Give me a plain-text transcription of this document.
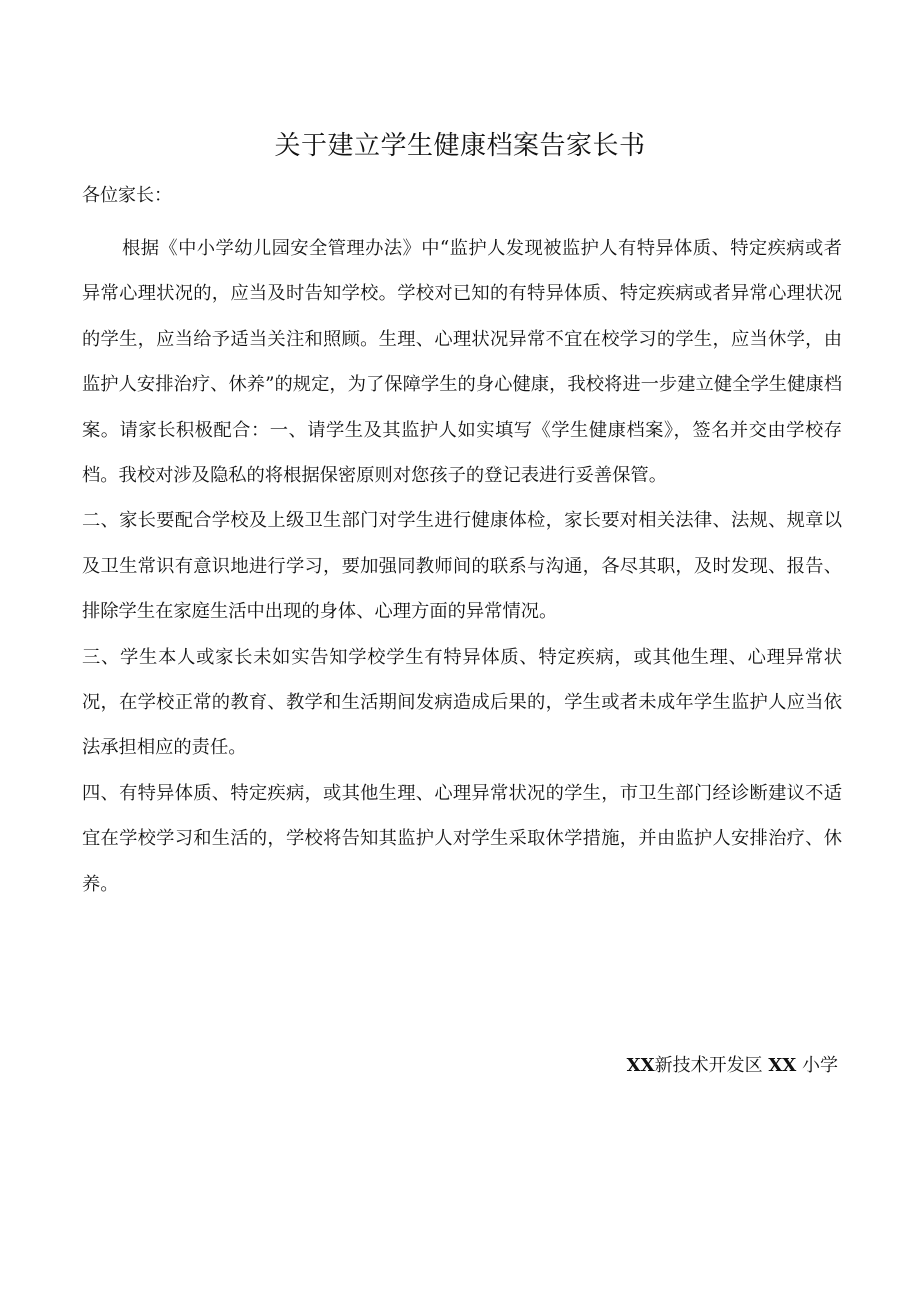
关于建立学生健康档案告家长书

各位家长：

根据《中小学幼儿园安全管理办法》中“监护人发现被监护人有特异体质、特定疾病或者异常心理状况的，应当及时告知学校。学校对已知的有特异体质、特定疾病或者异常心理状况的学生，应当给予适当关注和照顾。生理、心理状况异常不宜在校学习的学生，应当休学，由监护人安排治疗、休养”的规定，为了保障学生的身心健康，我校将进一步建立健全学生健康档案。请家长积极配合：一、请学生及其监护人如实填写《学生健康档案》，签名并交由学校存档。我校对涉及隐私的将根据保密原则对您孩子的登记表进行妥善保管。

二、家长要配合学校及上级卫生部门对学生进行健康体检，家长要对相关法律、法规、规章以及卫生常识有意识地进行学习，要加强同教师间的联系与沟通，各尽其职，及时发现、报告、排除学生在家庭生活中出现的身体、心理方面的异常情况。

三、学生本人或家长未如实告知学校学生有特异体质、特定疾病，或其他生理、心理异常状况，在学校正常的教育、教学和生活期间发病造成后果的，学生或者未成年学生监护人应当依法承担相应的责任。

四、有特异体质、特定疾病，或其他生理、心理异常状况的学生，市卫生部门经诊断建议不适宜在学校学习和生活的，学校将告知其监护人对学生采取休学措施，并由监护人安排治疗、休养。

XX新技术开发区 XX 小学
